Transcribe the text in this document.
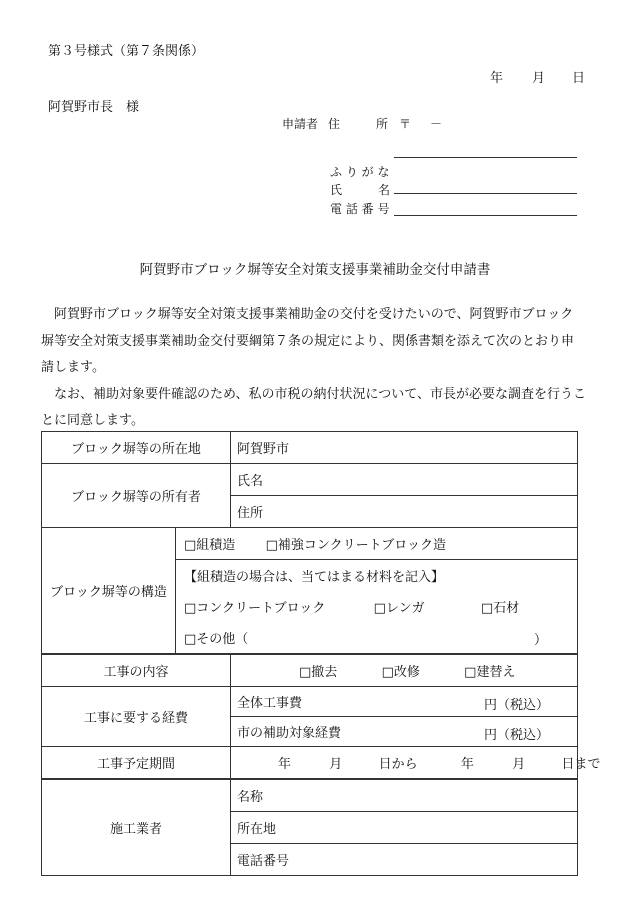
第３号様式（第７条関係）
年 月 日
阿賀野市長　様
申請者 住　　　所 〒 －
ふ り が な
氏　　　名
電 話 番 号
阿賀野市ブロック塀等安全対策支援事業補助金交付申請書

　阿賀野市ブロック塀等安全対策支援事業補助金の交付を受けたいので、阿賀野市ブロック塀等安全対策支援事業補助金交付要綱第７条の規定により、関係書類を添えて次のとおり申請します。

　なお、補助対象要件確認のため、私の市税の納付状況について、市長が必要な調査を行うことに同意します。

ブロック塀等の所在地		阿賀野市
ブロック塀等の所有者		氏名
		住所
ブロック塀等の構造	□組積造 □補強コンクリートブロック造	
	【組積造の場合は、当てはまる材料を記入】	
	□コンクリートブロック □レンガ □石材	
	□その他（ ）	

工事の内容		□撤去 □改修 □建替え
工事に要する経費		全体工事費 円（税込）

		市の補助対象経費 円（税込）

工事予定期間		年 月 日から 年 月 日まで
施工業者		名称
		所在地
		電話番号
